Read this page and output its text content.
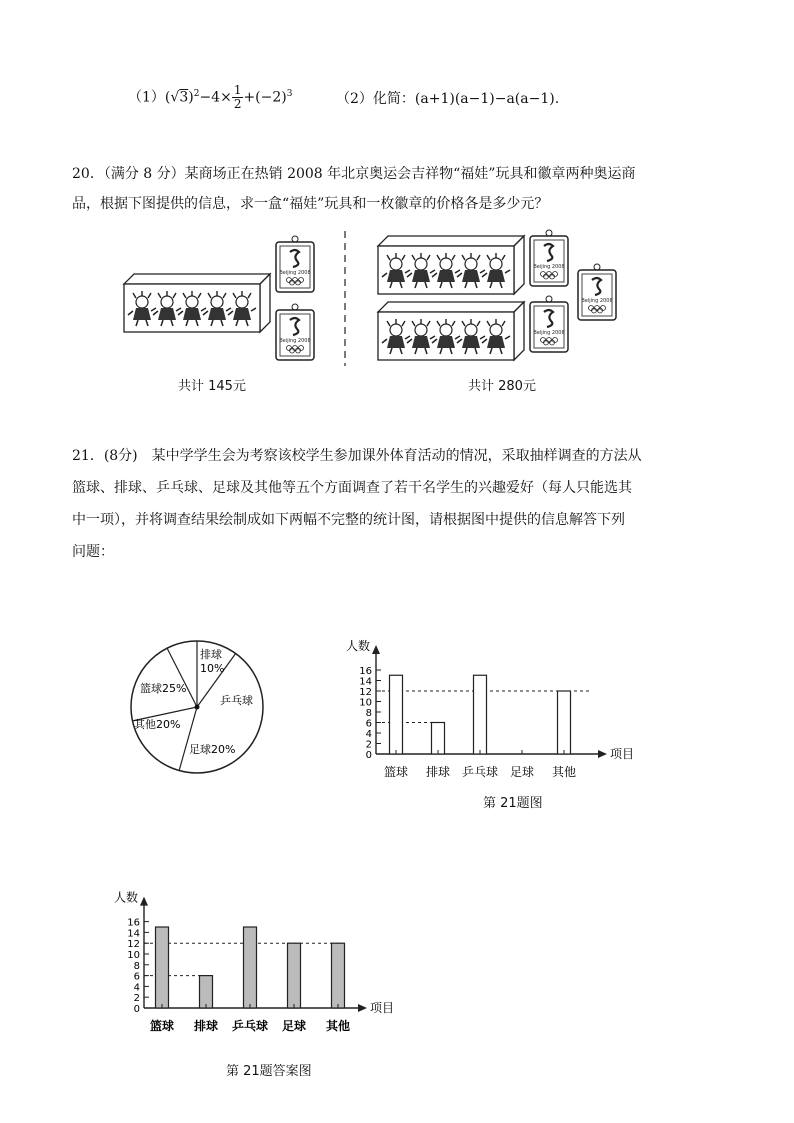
$(1)(√3)^2-4\times \frac{1}{2} +(-2)^3$	（2）化简：(a+1)(a−1)−a(a−1).
20．（满分 8 分）某商场正在热销 2008 年北京奥运会吉祥物“福娃”玩具和徽章两种奥运商
品，根据下图提供的信息，求一盒“福娃”玩具和一枚徽章的价格各是多少元？
Beijing 2008
共计 145元	共计 280元
21．(8分)　某中学学生会为考察该校学生参加课外体育活动的情况，采取抽样调查的方法从
篮球、排球、乒乓球、足球及其他等五个方面调查了若干名学生的兴趣爱好（每人只能选其
中一项），并将调查结果绘制成如下两幅不完整的统计图，请根据图中提供的信息解答下列
问题：
排球
10%
乒乓球
足球20%
其他20%
篮球25%
人数
项目
0
2
4
6
8
10
12
14
16
篮球 排球 乒乓球 足球 其他
第 21题图
人数
项目
0
2
4
6
8
10
12
14
16
篮球 排球 乒乓球 足球 其他
第 21题答案图
